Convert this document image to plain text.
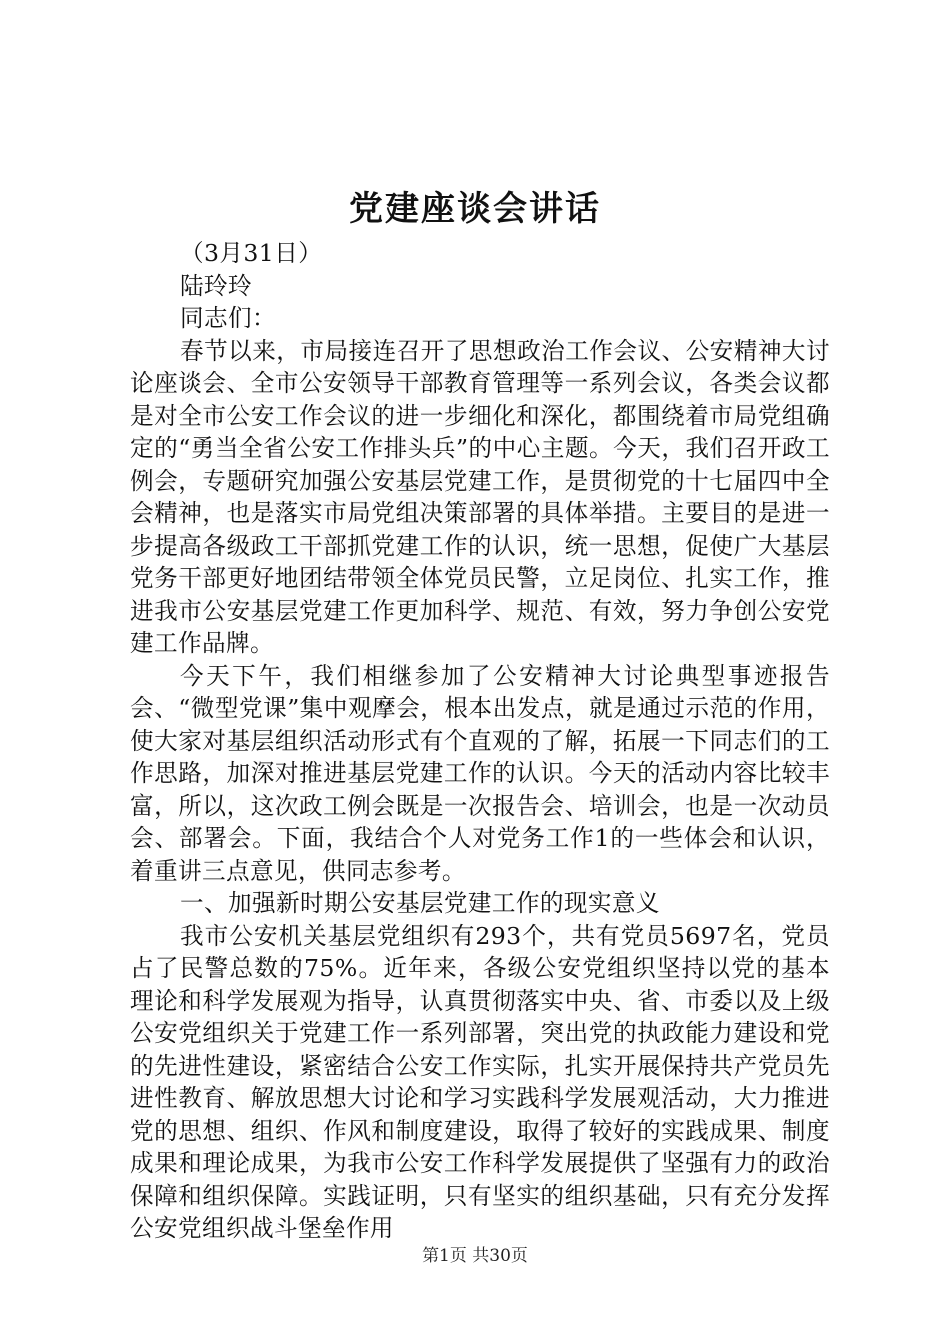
党建座谈会讲话

（3月31日）

陆玲玲

同志们：

春节以来，市局接连召开了思想政治工作会议、公安精神大讨论座谈会、全市公安领导干部教育管理等一系列会议，各类会议都是对全市公安工作会议的进一步细化和深化，都围绕着市局党组确定的“勇当全省公安工作排头兵”的中心主题。今天，我们召开政工例会，专题研究加强公安基层党建工作，是贯彻党的十七届四中全会精神，也是落实市局党组决策部署的具体举措。主要目的是进一步提高各级政工干部抓党建工作的认识，统一思想，促使广大基层党务干部更好地团结带领全体党员民警，立足岗位、扎实工作，推进我市公安基层党建工作更加科学、规范、有效，努力争创公安党建工作品牌。

今天下午，我们相继参加了公安精神大讨论典型事迹报告会、“微型党课”集中观摩会，根本出发点，就是通过示范的作用，使大家对基层组织活动形式有个直观的了解，拓展一下同志们的工作思路，加深对推进基层党建工作的认识。今天的活动内容比较丰富，所以，这次政工例会既是一次报告会、培训会，也是一次动员会、部署会。下面，我结合个人对党务工作1的一些体会和认识，着重讲三点意见，供同志参考。

一、加强新时期公安基层党建工作的现实意义

我市公安机关基层党组织有293个，共有党员5697名，党员占了民警总数的75%。近年来，各级公安党组织坚持以党的基本理论和科学发展观为指导，认真贯彻落实中央、省、市委以及上级公安党组织关于党建工作一系列部署，突出党的执政能力建设和党的先进性建设，紧密结合公安工作实际，扎实开展保持共产党员先进性教育、解放思想大讨论和学习实践科学发展观活动，大力推进党的思想、组织、作风和制度建设，取得了较好的实践成果、制度成果和理论成果，为我市公安工作科学发展提供了坚强有力的政治保障和组织保障。实践证明，只有坚实的组织基础，只有充分发挥公安党组织战斗堡垒作用

第1页 共30页
